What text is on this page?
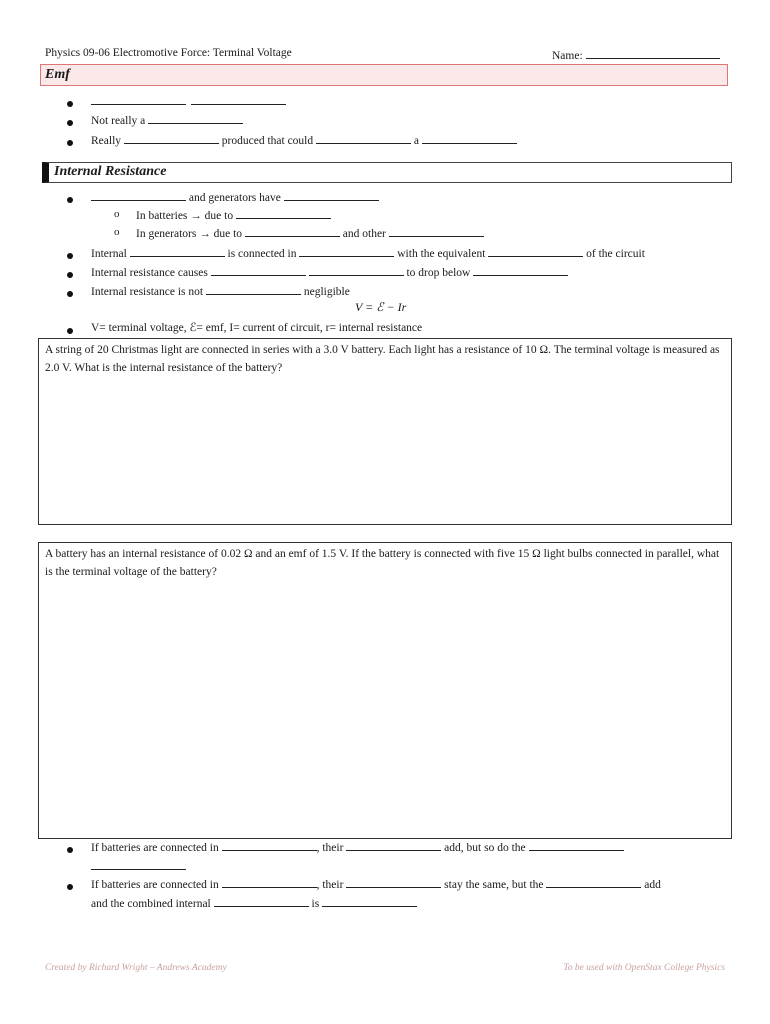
Physics 09-06 Electromotive Force: Terminal Voltage	Name:
Emf

Not really a
Really	produced that could	a
Internal Resistance
and generators have
o In batteries → due to
o In generators → due to	and other
Internal	is connected in	with the equivalent	of the circuit
Internal resistance causes	to drop below
Internal resistance is not	negligible
V = ℰ − Ir
V= terminal voltage, ℰ= emf, I= current of circuit, r= internal resistance
A string of 20 Christmas light are connected in series with a 3.0 V battery. Each light has a resistance of 10 Ω. The terminal voltage is measured as 2.0 V. What is the internal resistance of the battery?
A battery has an internal resistance of 0.02 Ω and an emf of 1.5 V. If the battery is connected with five 15 Ω light bulbs connected in parallel, what is the terminal voltage of the battery?
If batteries are connected in	, their	add, but so do the
If batteries are connected in	, their	stay the same, but the	add
and the combined internal	is
Created by Richard Wright – Andrews Academy	To be used with OpenStax College Physics
